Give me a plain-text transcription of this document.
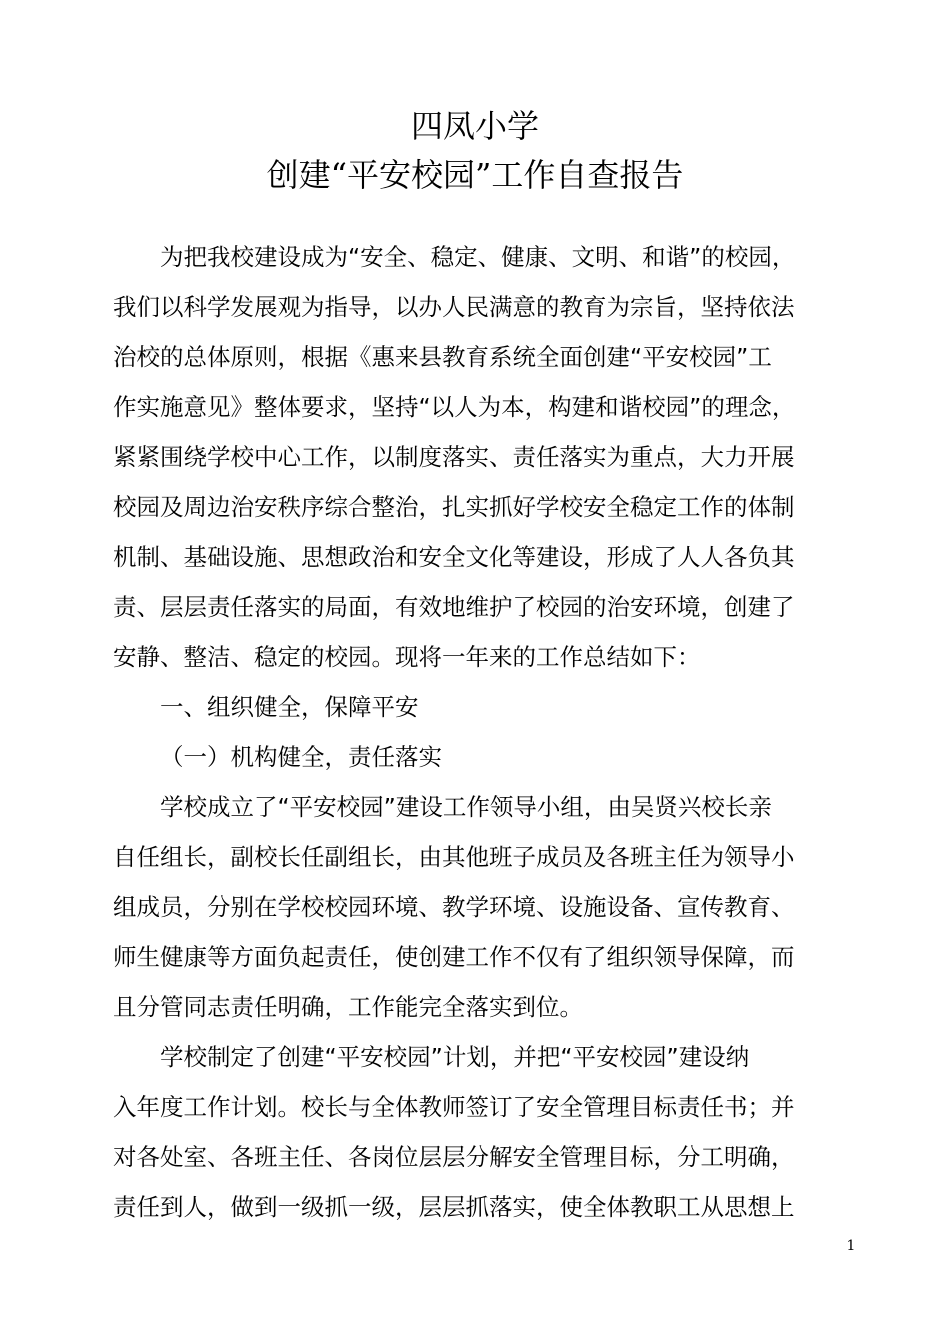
四凤小学
创建“平安校园”工作自查报告
为把我校建设成为“安全、稳定、健康、文明、和谐”的校园，
我们以科学发展观为指导，以办人民满意的教育为宗旨，坚持依法
治校的总体原则，根据《惠来县教育系统全面创建“平安校园”工
作实施意见》整体要求，坚持“以人为本，构建和谐校园”的理念，
紧紧围绕学校中心工作，以制度落实、责任落实为重点，大力开展
校园及周边治安秩序综合整治，扎实抓好学校安全稳定工作的体制
机制、基础设施、思想政治和安全文化等建设，形成了人人各负其
责、层层责任落实的局面，有效地维护了校园的治安环境，创建了
安静、整洁、稳定的校园。现将一年来的工作总结如下：
一、组织健全，保障平安
（一）机构健全，责任落实
学校成立了“平安校园”建设工作领导小组，由吴贤兴校长亲
自任组长，副校长任副组长，由其他班子成员及各班主任为领导小
组成员，分别在学校校园环境、教学环境、设施设备、宣传教育、
师生健康等方面负起责任，使创建工作不仅有了组织领导保障，而
且分管同志责任明确，工作能完全落实到位。
学校制定了创建“平安校园”计划，并把“平安校园”建设纳
入年度工作计划。校长与全体教师签订了安全管理目标责任书；并
对各处室、各班主任、各岗位层层分解安全管理目标，分工明确，
责任到人，做到一级抓一级，层层抓落实，使全体教职工从思想上
1
